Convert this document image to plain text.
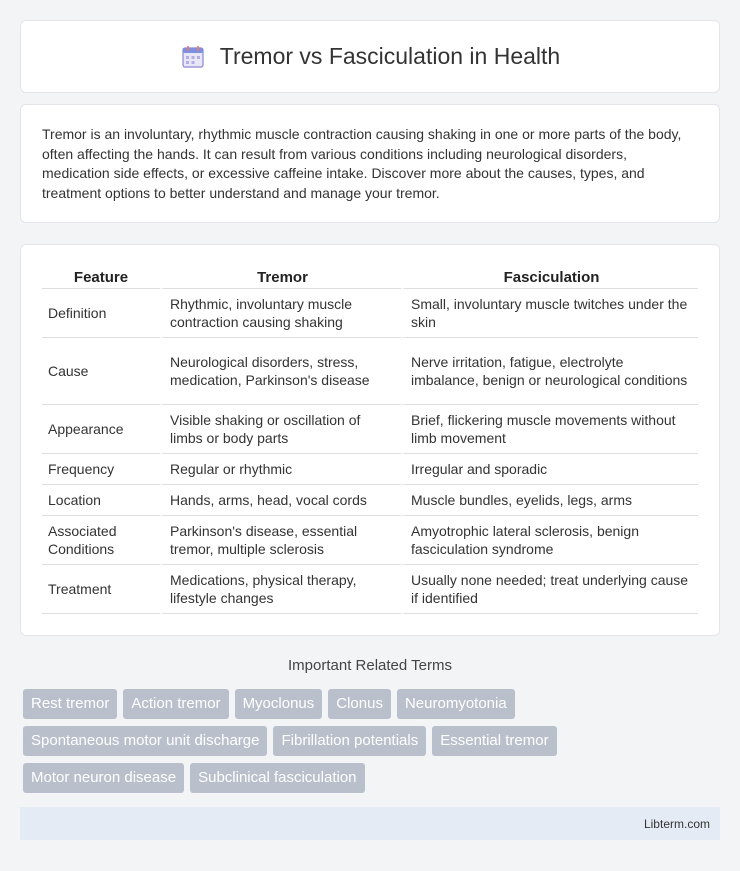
Tremor vs Fasciculation in Health

Tremor is an involuntary, rhythmic muscle contraction causing shaking in one or more parts of the body, often affecting the hands. It can result from various conditions including neurological disorders, medication side effects, or excessive caffeine intake. Discover more about the causes, types, and treatment options to better understand and manage your tremor.

Feature	Tremor	Fasciculation
Definition	Rhythmic, involuntary muscle contraction causing shaking	Small, involuntary muscle twitches under the skin
Cause	Neurological disorders, stress, medication, Parkinson's disease	Nerve irritation, fatigue, electrolyte imbalance, benign or neurological conditions
Appearance	Visible shaking or oscillation of limbs or body parts	Brief, flickering muscle movements without limb movement
Frequency	Regular or rhythmic	Irregular and sporadic
Location	Hands, arms, head, vocal cords	Muscle bundles, eyelids, legs, arms
Associated Conditions	Parkinson's disease, essential tremor, multiple sclerosis	Amyotrophic lateral sclerosis, benign fasciculation syndrome
Treatment	Medications, physical therapy, lifestyle changes	Usually none needed; treat underlying cause if identified
Important Related Terms
Rest tremor	Action tremor	Myoclonus	Clonus	Neuromyotonia
Spontaneous motor unit discharge	Fibrillation potentials	Essential tremor
Motor neuron disease	Subclinical fasciculation
Libterm.com
